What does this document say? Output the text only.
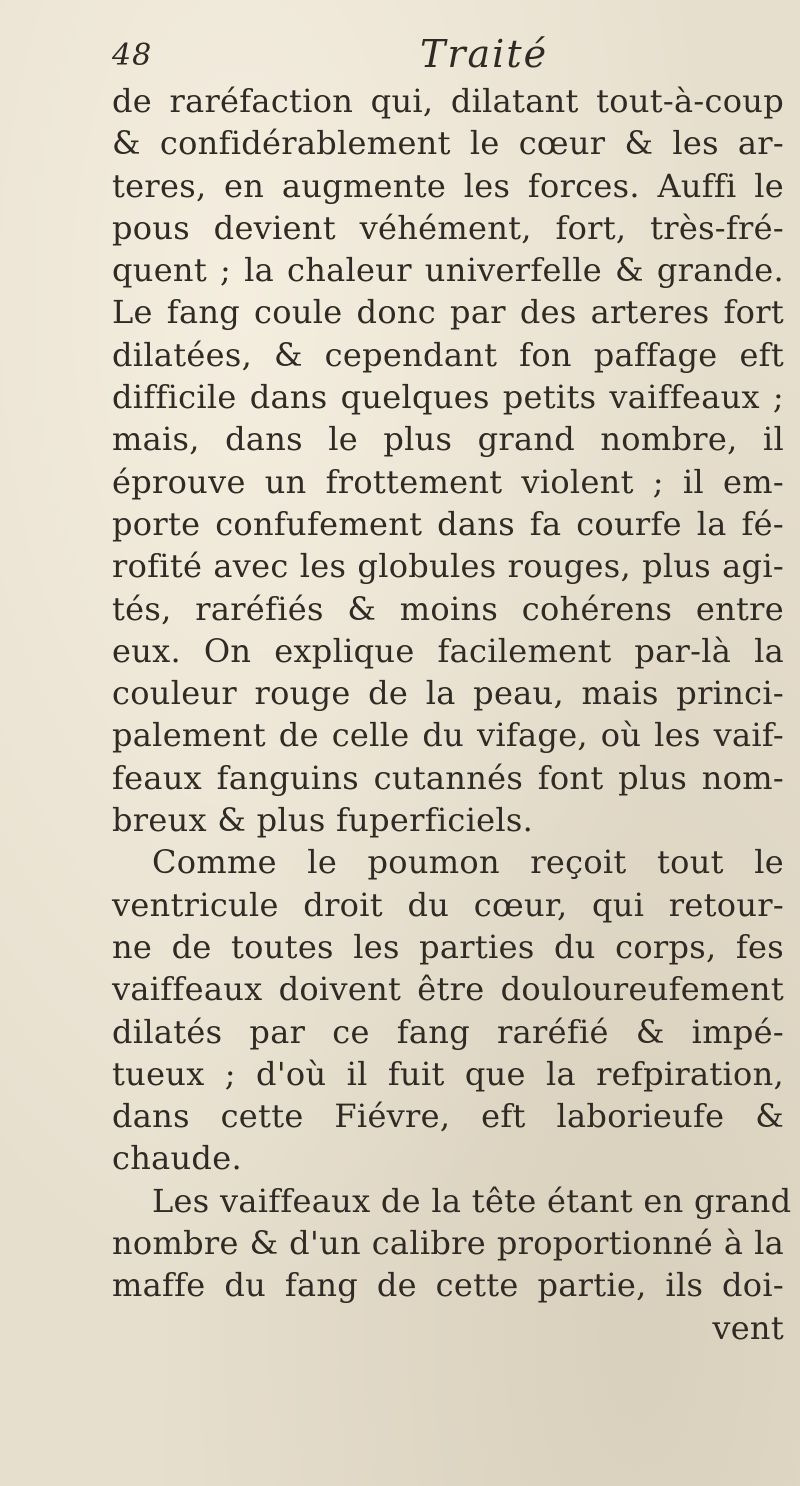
48	Traité
de raréfaction qui, dilatant tout-à-coup
& confidérablement le cœur & les ar-
teres, en augmente les forces. Auffi le
pous devient véhément, fort, très-fré-
quent ; la chaleur univerfelle & grande.
Le fang coule donc par des arteres fort
dilatées, & cependant fon paffage eft
difficile dans quelques petits vaiffeaux ;
mais, dans le plus grand nombre, il
éprouve un frottement violent ; il em-
porte confufement dans fa courfe la fé-
rofité avec les globules rouges, plus agi-
tés, raréfiés & moins cohérens entre
eux. On explique facilement par-là la
couleur rouge de la peau, mais princi-
palement de celle du vifage, où les vaif-
feaux fanguins cutannés font plus nom-
breux & plus fuperficiels.
Comme le poumon reçoit tout le
ventricule droit du cœur, qui retour-
ne de toutes les parties du corps, fes
vaiffeaux doivent être douloureufement
dilatés par ce fang raréfié & impé-
tueux ; d'où il fuit que la refpiration,
dans cette Fiévre, eft laborieufe &
chaude.
Les vaiffeaux de la tête étant en grand
nombre & d'un calibre proportionné à la
maffe du fang de cette partie, ils doi-
vent
